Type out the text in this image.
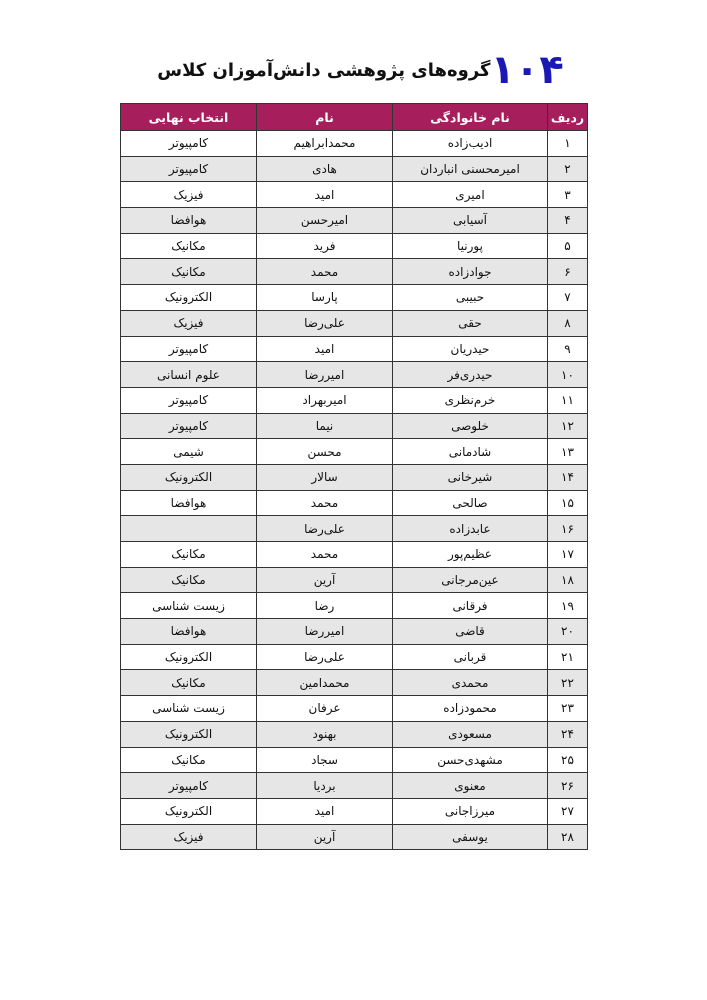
گروه‌های پژوهشی دانش‌آموزان کلاس ۱۰۴
ردیف	نام خانوادگی	نام	انتخاب نهایی
۱	ادیب‌زاده	محمدابراهیم	کامپیوتر
۲	امیرمحسنی انباردان	هادی	کامپیوتر
۳	امیری	امید	فیزیک
۴	آسیابی	امیرحسن	هوافضا
۵	پورنیا	فرید	مکانیک
۶	جوادزاده	محمد	مکانیک
۷	حبیبی	پارسا	الکترونیک
۸	حقی	علی‌رضا	فیزیک
۹	حیدریان	امید	کامپیوتر
۱۰	حیدری‌فر	امیررضا	علوم انسانی
۱۱	خرم‌نظری	امیربهراد	کامپیوتر
۱۲	خلوصی	نیما	کامپیوتر
۱۳	شادمانی	محسن	شیمی
۱۴	شیرخانی	سالار	الکترونیک
۱۵	صالحی	محمد	هوافضا
۱۶	عابدزاده	علی‌رضا	
۱۷	عظیم‌پور	محمد	مکانیک
۱۸	عین‌مرجانی	آرین	مکانیک
۱۹	فرقانی	رضا	زیست شناسی
۲۰	قاضی	امیررضا	هوافضا
۲۱	قربانی	علی‌رضا	الکترونیک
۲۲	محمدی	محمدامین	مکانیک
۲۳	محمودزاده	عرفان	زیست شناسی
۲۴	مسعودی	بهنود	الکترونیک
۲۵	مشهدی‌حسن	سجاد	مکانیک
۲۶	معنوی	بردیا	کامپیوتر
۲۷	میرزاجانی	امید	الکترونیک
۲۸	یوسفی	آرین	فیزیک
